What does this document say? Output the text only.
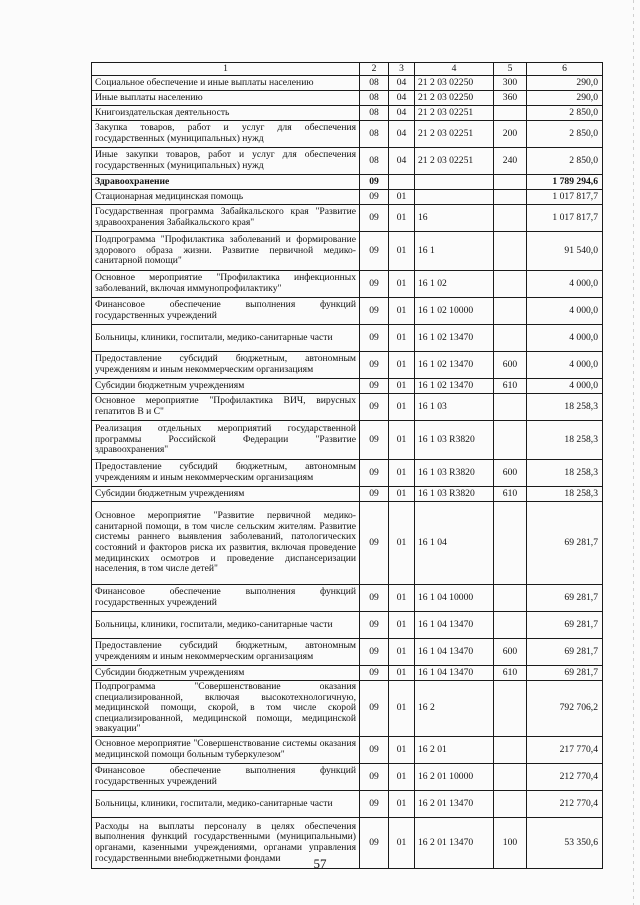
1	2	3	4	5	6
Социальное обеспечение и иные выплаты населению	08	04	21 2 03 02250	300	290,0
Иные выплаты населению	08	04	21 2 03 02250	360	290,0
Книгоиздательская деятельность	08	04	21 2 03 02251		2 850,0
Закупка товаров, работ и услуг для обеспечения государственных (муниципальных) нужд	08	04	21 2 03 02251	200	2 850,0
Иные закупки товаров, работ и услуг для обеспечения государственных (муниципальных) нужд	08	04	21 2 03 02251	240	2 850,0
Здравоохранение	09				1 789 294,6
Стационарная медицинская помощь	09	01			1 017 817,7
Государственная программа Забайкальского края "Развитие здравоохранения Забайкальского края"	09	01	16		1 017 817,7
Подпрограмма "Профилактика заболеваний и формирование здорового образа жизни. Развитие первичной медико-санитарной помощи"	09	01	16 1		91 540,0
Основное мероприятие "Профилактика инфекционных заболеваний, включая иммунопрофилактику"	09	01	16 1 02		4 000,0
Финансовое обеспечение выполнения функций государственных учреждений	09	01	16 1 02 10000		4 000,0
Больницы, клиники, госпитали, медико-санитарные части	09	01	16 1 02 13470		4 000,0
Предоставление субсидий бюджетным, автономным учреждениям и иным некоммерческим организациям	09	01	16 1 02 13470	600	4 000,0
Субсидии бюджетным учреждениям	09	01	16 1 02 13470	610	4 000,0
Основное мероприятие "Профилактика ВИЧ, вирусных гепатитов В и С"	09	01	16 1 03		18 258,3
Реализация отдельных мероприятий государственной программы Российской Федерации "Развитие здравоохранения"	09	01	16 1 03 R3820		18 258,3
Предоставление субсидий бюджетным, автономным учреждениям и иным некоммерческим организациям	09	01	16 1 03 R3820	600	18 258,3
Субсидии бюджетным учреждениям	09	01	16 1 03 R3820	610	18 258,3
Основное мероприятие "Развитие первичной медико-санитарной помощи, в том числе сельским жителям. Развитие системы раннего выявления заболеваний, патологических состояний и факторов риска их развития, включая проведение медицинских осмотров и проведение диспансеризации населения, в том числе детей"	09	01	16 1 04		69 281,7
Финансовое обеспечение выполнения функций государственных учреждений	09	01	16 1 04 10000		69 281,7
Больницы, клиники, госпитали, медико-санитарные части	09	01	16 1 04 13470		69 281,7
Предоставление субсидий бюджетным, автономным учреждениям и иным некоммерческим организациям	09	01	16 1 04 13470	600	69 281,7
Субсидии бюджетным учреждениям	09	01	16 1 04 13470	610	69 281,7
Подпрограмма "Совершенствование оказания специализированной, включая высокотехнологичную, медицинской помощи, скорой, в том числе скорой специализированной, медицинской помощи, медицинской эвакуации"	09	01	16 2		792 706,2
Основное мероприятие "Совершенствование системы оказания медицинской помощи больным туберкулезом"	09	01	16 2 01		217 770,4
Финансовое обеспечение выполнения функций государственных учреждений	09	01	16 2 01 10000		212 770,4
Больницы, клиники, госпитали, медико-санитарные части	09	01	16 2 01 13470		212 770,4
Расходы на выплаты персоналу в целях обеспечения выполнения функций государственными (муниципальными) органами, казенными учреждениями, органами управления государственными внебюджетными фондами	09	01	16 2 01 13470	100	53 350,6
57
